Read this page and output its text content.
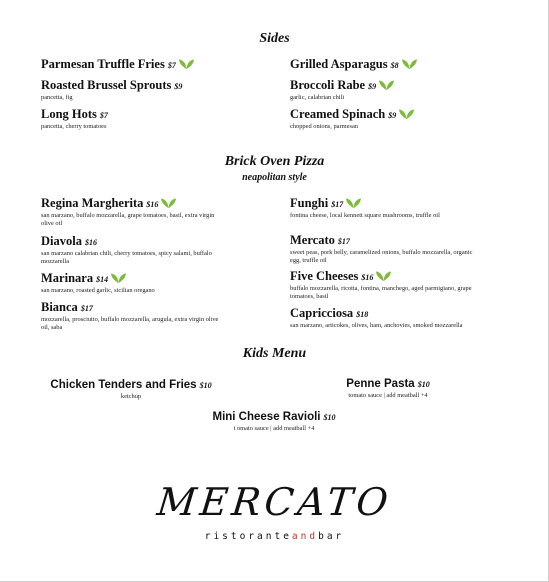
Sides
Parmesan Truffle Fries $7
Roasted Brussel Sprouts $9
pancetta, fig
Long Hots $7
pancetta, cherry tomatoes
Grilled Asparagus $8
Broccoli Rabe $9
garlic, calabrian chili
Creamed Spinach $9
chopped onions, parmesan
Brick Oven Pizza
neapolitan style
Regina Margherita $16
san marzano, buffalo mozzarella, grape tomatoes, basil, extra virgin olive oil
Diavola $16
san marzano calabrian chili, cherry tomatoes, spicy salami, buffalo mozzarella
Marinara $14
san marzano, roasted garlic, sicilian oregano
Bianca $17
mozzarella, prosciutto, buffalo mozzarella, arugula, extra virgin olive oil, saba
Funghi $17
fontina cheese, local kennett square mushrooms, truffle oil
Mercato $17
sweet peas, pork belly, caramelized onions, buffalo mozzarella, organic egg, truffle oil
Five Cheeses $16
buffalo mozzarella, ricotta, fontina, manchego, aged parmigiano, grape tomatoes, basil
Capricciosa $18
san marzano, articokes, olives, ham, anchovies, smoked mozzarella
Kids Menu
Chicken Tenders and Fries $10
ketchup
Penne Pasta $10
tomato sauce | add meatball +4
Mini Cheese Ravioli $10
t omato sauce | add meatball +4
MERCATO
ristoranteandbar
